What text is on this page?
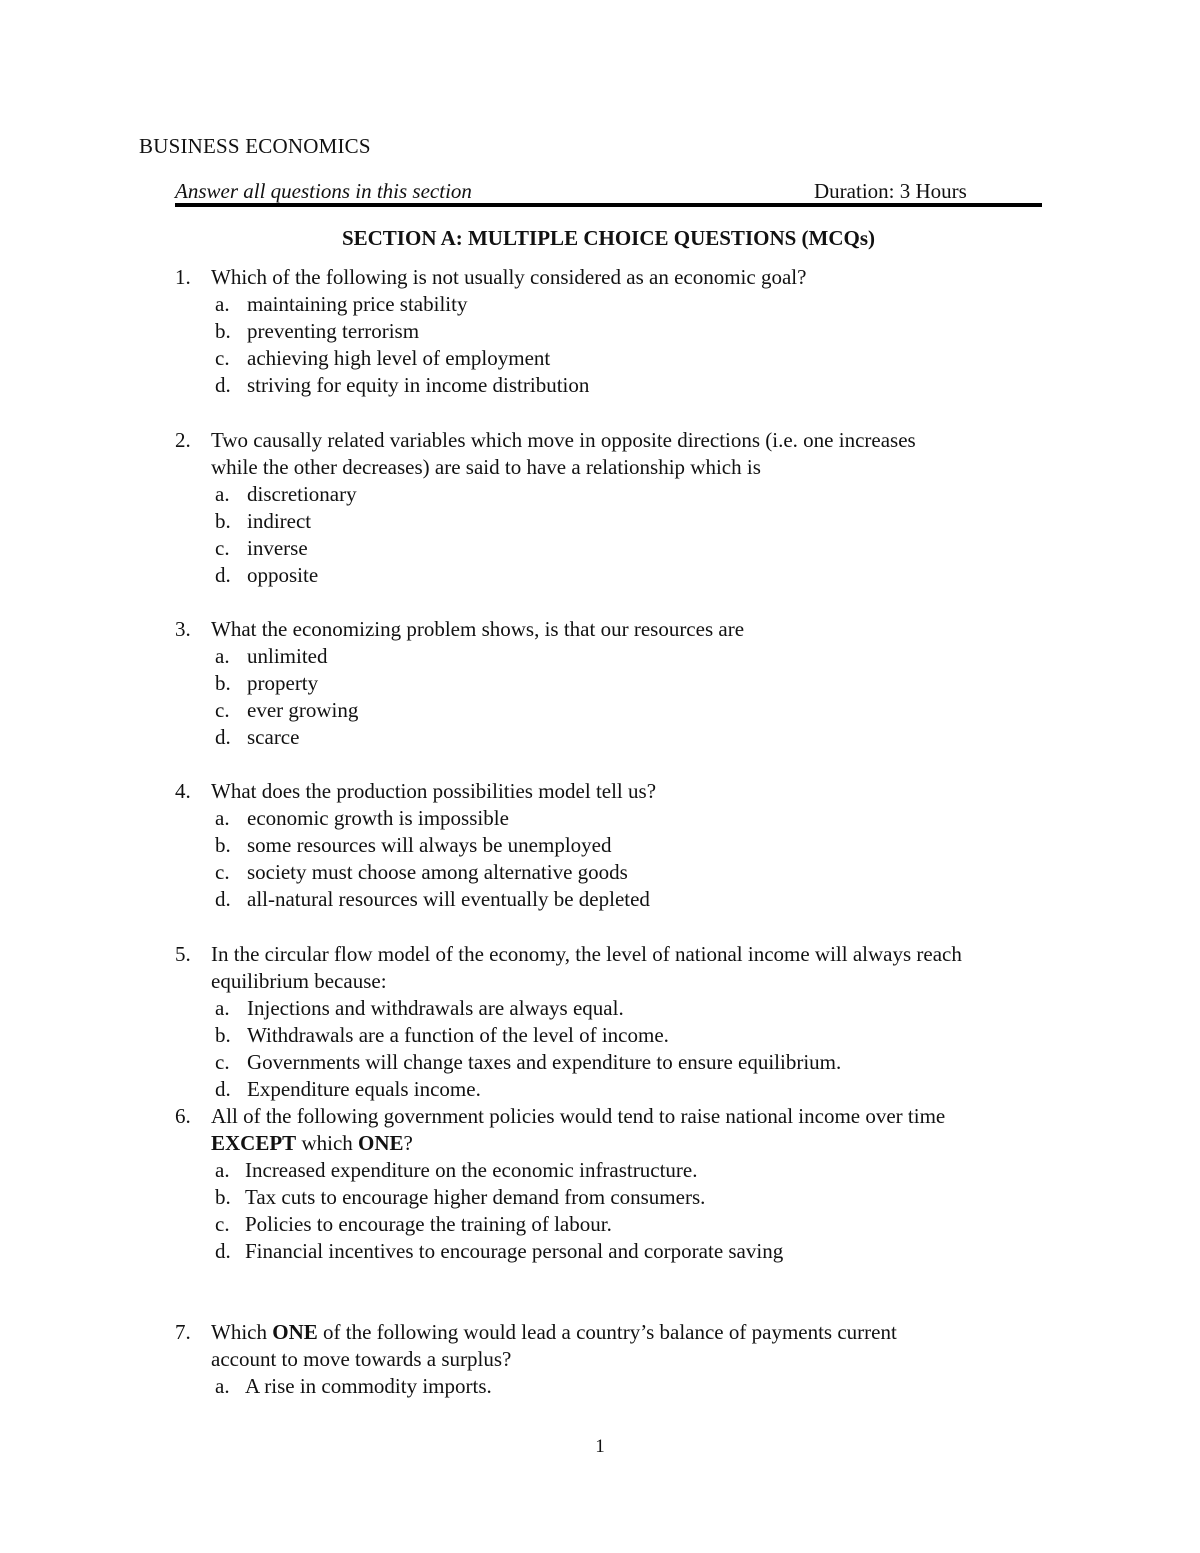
BUSINESS ECONOMICS
Answer all questions in this section	Duration: 3 Hours
SECTION A: MULTIPLE CHOICE QUESTIONS (MCQs)
1. Which of the following is not usually considered as an economic goal?
a. maintaining price stability
b. preventing terrorism
c. achieving high level of employment
d. striving for equity in income distribution
2. Two causally related variables which move in opposite directions (i.e. one increases
while the other decreases) are said to have a relationship which is
a. discretionary
b. indirect
c. inverse
d. opposite
3. What the economizing problem shows, is that our resources are
a. unlimited
b. property
c. ever growing
d. scarce
4. What does the production possibilities model tell us?
a. economic growth is impossible
b. some resources will always be unemployed
c. society must choose among alternative goods
d. all-natural resources will eventually be depleted
5. In the circular flow model of the economy, the level of national income will always reach
equilibrium because:
a. Injections and withdrawals are always equal.
b. Withdrawals are a function of the level of income.
c. Governments will change taxes and expenditure to ensure equilibrium.
d. Expenditure equals income.
6. All of the following government policies would tend to raise national income over time
EXCEPT which ONE?
a. Increased expenditure on the economic infrastructure.
b. Tax cuts to encourage higher demand from consumers.
c. Policies to encourage the training of labour.
d. Financial incentives to encourage personal and corporate saving
7. Which ONE of the following would lead a country’s balance of payments current
account to move towards a surplus?
a. A rise in commodity imports.
1
